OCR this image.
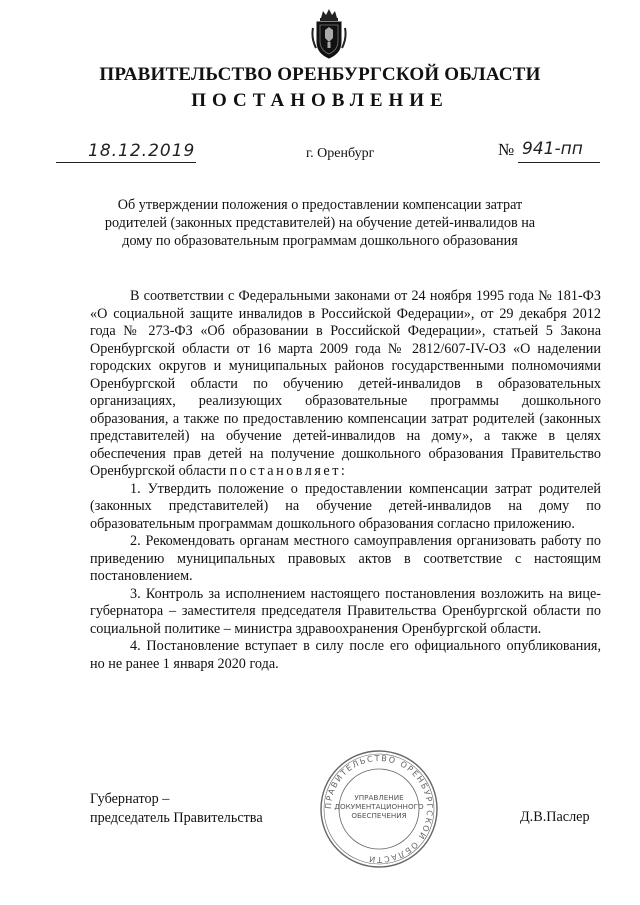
ПРАВИТЕЛЬСТВО ОРЕНБУРГСКОЙ ОБЛАСТИ
ПОСТАНОВЛЕНИЕ
18.12.2019	г. Оренбург	№ 941-пп
Об утверждении положения о предоставлении компенсации затрат родителей (законных представителей) на обучение детей-инвалидов на дому по образовательным программам дошкольного образования

В соответствии с Федеральными законами от 24 ноября 1995 года № 181-ФЗ «О социальной защите инвалидов в Российской Федерации», от 29 декабря 2012 года № 273-ФЗ «Об образовании в Российской Федерации», статьей 5 Закона Оренбургской области от 16 марта 2009 года № 2812/607-IV-ОЗ «О наделении городских округов и муниципальных районов государственными полномочиями Оренбургской области по обучению детей-инвалидов в образовательных организациях, реализующих образовательные программы дошкольного образования, а также по предоставлению компенсации затрат родителей (законных представителей) на обучение детей-инвалидов на дому», а также в целях обеспечения прав детей на получение дошкольного образования Правительство Оренбургской области постановляет:

1. Утвердить положение о предоставлении компенсации затрат родителей (законных представителей) на обучение детей-инвалидов на дому по образовательным программам дошкольного образования согласно приложению.

2. Рекомендовать органам местного самоуправления организовать работу по приведению муниципальных правовых актов в соответствие с настоящим постановлением.

3. Контроль за исполнением настоящего постановления возложить на вице-губернатора – заместителя председателя Правительства Оренбургской области по социальной политике – министра здравоохранения Оренбургской области.

4. Постановление вступает в силу после его официального опубликования, но не ранее 1 января 2020 года.

ПРАВИТЕЛЬСТВО ОРЕНБУРГСКОЙ ОБЛАСТИ
УПРАВЛЕНИЕ
ДОКУМЕНТАЦИОННОГО
ОБЕСПЕЧЕНИЯ
Губернатор –
председатель Правительства	Д.В.Паслер
